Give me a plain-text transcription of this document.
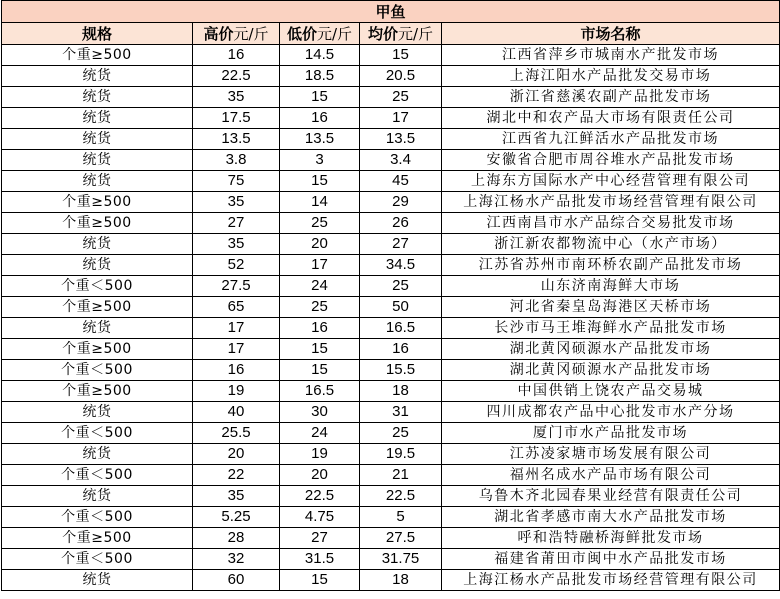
甲鱼				
规格	高价元/斤	低价元/斤	均价元/斤	市场名称
个重≥500	16	14.5	15	江西省萍乡市城南水产批发市场
统货	22.5	18.5	20.5	上海江阳水产品批发交易市场
统货	35	15	25	浙江省慈溪农副产品批发市场
统货	17.5	16	17	湖北中和农产品大市场有限责任公司
统货	13.5	13.5	13.5	江西省九江鲜活水产品批发市场
统货	3.8	3	3.4	安徽省合肥市周谷堆水产品批发市场
统货	75	15	45	上海东方国际水产中心经营管理有限公司
个重≥500	35	14	29	上海江杨水产品批发市场经营管理有限公司
个重≥500	27	25	26	江西南昌市水产品综合交易批发市场
统货	35	20	27	浙江新农都物流中心（水产市场）
统货	52	17	34.5	江苏省苏州市南环桥农副产品批发市场
个重＜500	27.5	24	25	山东济南海鲜大市场
个重≥500	65	25	50	河北省秦皇岛海港区天桥市场
统货	17	16	16.5	长沙市马王堆海鲜水产品批发市场
个重≥500	17	15	16	湖北黄冈硕源水产品批发市场
个重＜500	16	15	15.5	湖北黄冈硕源水产品批发市场
个重≥500	19	16.5	18	中国供销上饶农产品交易城
统货	40	30	31	四川成都农产品中心批发市水产分场
个重＜500	25.5	24	25	厦门市水产品批发市场
统货	20	19	19.5	江苏凌家塘市场发展有限公司
个重＜500	22	20	21	福州名成水产品市场有限公司
统货	35	22.5	22.5	乌鲁木齐北园春果业经营有限责任公司
个重＜500	5.25	4.75	5	湖北省孝感市南大水产品批发市场
个重≥500	28	27	27.5	呼和浩特融桥海鲜批发市场
个重＜500	32	31.5	31.75	福建省莆田市闽中水产品批发市场
统货	60	15	18	上海江杨水产品批发市场经营管理有限公司
